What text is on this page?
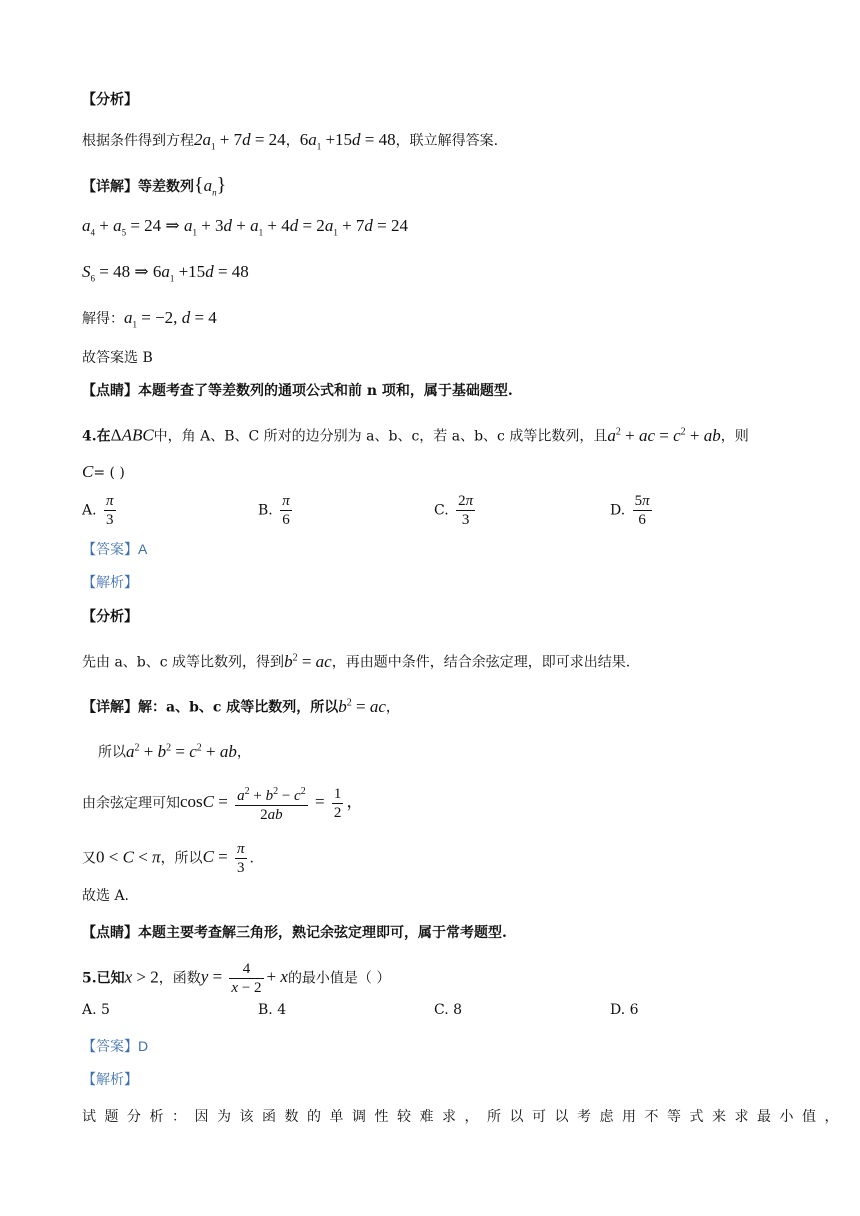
【分析】
根据条件得到方程$2a_1 + 7d = 24$，$6a_1 +15d = 48$，联立解得答案.
【详解】等差数列$\{a_n\}$
$a_4 + a_5 = 24$ ⇒ $a_1 + 3d + a_1 + 4d = 2a_1 + 7d = 24$
$S_6 = 48$ ⇒ $6a_1 +15d = 48$
解得：$a_1 = -2$, d = 4
故答案选 B
【点睛】本题考查了等差数列的通项公式和前 n 项和，属于基础题型.
4.在ΔABC中，角 A、B、C 所对的边分别为 a、b、c，若 a、b、c 成等比数列，且$a^2$ + ac = $c^2$ + ab，则
C= ( )
A. $\frac{\pi}{3}$	B. $\frac{\pi}{6}$	C. $\frac{2\pi}{3}$	D. $\frac{5\pi}{6}$
【答案】A
【解析】
【分析】
先由 a、b、c 成等比数列，得到$b^2$ = ac，再由题中条件，结合余弦定理，即可求出结果.
【详解】解：a、b、c 成等比数列，所以$b^2$ = ac，
所以$a^2 + b^2 = c^2$ + ab，
由余弦定理可知$\cos C = \frac{a^2 + b^2 - c^2}{2ab} = \frac{1}{2}$ ，
又0 < C < π，所以$C = \frac{\pi}{3}$ .
故选 A.
【点睛】本题主要考查解三角形，熟记余弦定理即可，属于常考题型.
5.已知x > 2，函数$y = \frac{4}{x - 2} + x$的最小值是（ ）
A. 5	B. 4	C. 8	D. 6
【答案】D
【解析】
试题分析：因为该函数的单调性较难求，所以可以考虑用不等式来求最小值，
